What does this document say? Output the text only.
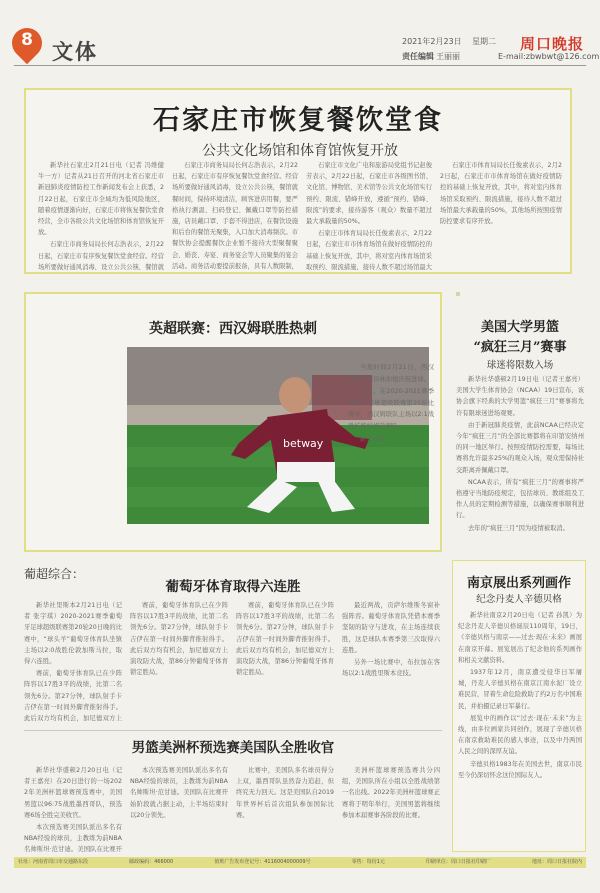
8 文体	2021年2月23日 星期二
责任编辑 王丽丽
周口晚报
E-mail:zbwbwt@126.com
石家庄市恢复餐饮堂食
公共文化场馆和体育馆恢复开放

新华社石家庄2月21日电（记者 冯维健 牛一方）记者从21日召开的河北省石家庄市新冠肺炎疫情防控工作新闻发布会上获悉，2月22日起，石家庄市全域均为低风险地区，随着疫情逐渐向好，石家庄市将恢复餐饮堂食经营，全市各级公共文化场馆和体育馆恢复开放。

石家庄市商务局局长何志浩表示，2月22日起，石家庄市有序恢复餐饮堂食经营。经营场所要做好通风消毒，设立公共公筷，餐馆就

石家庄市商务局局长何志浩表示，2月22日起，石家庄市有序恢复餐饮堂食经营。经营场所要做好通风消毒，设立公共公筷，餐馆就餐时间，保持环境清洁，顾客进店用餐，要严格执行测温、扫码登记、佩戴口罩等防控措施，店员戴口罩、手套不得进店，在餐饮设施和后台的餐馆无聚集，入口加大消毒频次。市餐饮协会提醒餐饮企业暂不接待大型聚餐聚会、婚丧、寿宴、商务宴会等人员聚集的宴会活动。商务活动要提前报备，具有人数限制，

石家庄市文化广电和旅游局党组书记赵俊芳表示，2月22日起，石家庄市各级图书馆、文化馆、博物馆、美术馆等公共文化场馆实行预约、限流、错峰开放，遵循“预约、错峰、限流”的要求，接待游客（观众）数量不超过最大承载量的50%。

石家庄市体育局局长任俊素表示，2月22日起，石家庄市市体育场馆在做好疫情防控的基础上恢复开放，其中，将对室内体育场馆采取预约、限流措施，接待人数不超过场馆最大

石家庄市体育局局长任俊素表示，2月22日起，石家庄市市体育场馆在做好疫情防控的基础上恢复开放，其中，将对室内体育场馆采取预约、限流措施，接待人数不超过场馆最大承载量的50%，其他场所按照疫情防控要求有序开放。

英超联赛：西汉姆联胜热刺
betway

当地时间2月21日，西汉姆联队球员林加德庆祝进球。

当日，在2020-2021赛季英格兰足球超级联赛第25轮比赛中，西汉姆联队主场以2:1战胜托特纳姆热刺队。

新华社发

葡超综合：
葡萄牙体育取得六连胜

新华社里斯本2月21日电（记者 张宇琪）2020-2021赛季葡萄牙足球超级联赛第20轮20日晚的比赛中，“球头羊”葡萄牙体育队坐镇主场以2:0战胜伦敦加斯马拉，取得六连胜。

赛前，葡萄牙体育队已在少阵阵容以17胜3平的战绩，比第二名领先6分。第27分钟，球队射手卡吉伊在第一时间外脚背推射得手。此后双方均有机会，加尼德双方上

赛前，葡萄牙体育队已在少阵阵容以17胜3平的战绩，比第二名领先6分。第27分钟，球队射手卡吉伊在第一时间外脚背推射得手。此后双方均有机会，加尼德双方上演攻防大战，第86分钟葡萄牙体育锁定胜局。

赛前，葡萄牙体育队已在少阵阵容以17胜3平的战绩，比第二名领先6分。第27分钟，球队射手卡吉伊在第一时间外脚背推射得手。此后双方均有机会，加尼德双方上演攻防大战，第86分钟葡萄牙体育锁定胜局。

最近两战，贡萨尔维斯冬窗补强阵容。葡萄牙体育队凭借本赛季坚韧的防守与进攻，在主场连续获胜，这是球队本赛季第三次取得六连胜。

另外一场比赛中，布拉加在客场以2:1战胜里斯本竞技。

男篮美洲杯预选赛美国队全胜收官

新华社华盛顿2月20日电（记者王嘉亮）在20日进行的一场2022年美洲杯篮球赛预选赛中，美国男篮以96:75战胜墨西哥队，预选赛6场全胜完美收官。

本次预选赛美国队派出多名有NBA经验的球员，主教练为前NBA名帅斯坦·范甘迪。美国队在比赛开

本次预选赛美国队派出多名有NBA经验的球员，主教练为前NBA名帅斯坦·范甘迪。美国队在比赛开始阶段就占据主动，上半场结束时以20分领先。

比赛中，美国队多名球员得分上双，墨西哥队虽然奋力追赶，但终究无力回天。这是美国队自2019年世界杯后首次组队参加国际比赛。

美洲杯篮球赛预选赛共分四组，美国队所在小组以全胜战绩第一名出线。2022年美洲杯篮球赛正赛将于明年举行，美国男篮将继续参加本届赛事各阶段的比赛。

美国大学男篮
“疯狂三月”赛事
球迷将限数入场

新华社华盛顿2月19日电（记者王嘉亮）美国大学生体育协会（NCAA）19日宣布，该协会旗下经典的大学男篮“疯狂三月”赛事将允许有限球迷进场观赛。

由于新冠肺炎疫情，此前NCAA已经决定今年“疯狂三月”的全部比赛都将在印第安纳州的同一地区举行。按照疫情防控需要，每场比赛将允许最多25%的观众入场，观众需保持社交距离并佩戴口罩。

NCAA表示，所有“疯狂三月”的赛事将严格遵守当地防疫规定，包括球员、教练组及工作人员的定期检测等措施，以确保赛事顺利进行。

去年的“疯狂三月”因为疫情被取消。

南京展出系列画作
纪念丹麦人辛德贝格

新华社南京2月20日电（记者 孙凯）为纪念丹麦人辛德贝格诞辰110周年，19日，《辛德贝格与南京——过去·现在·未来》画展在南京开幕。展览展出了纪念他的系列画作和相关文献资料。

1937年12月，南京遭受侵华日军屠城，丹麦人辛德贝格在南京江南水泥厂设立难民营，冒着生命危险救助了约2万名中国难民，并拍摄记录日军暴行。

展览中的画作以“过去·现在·未来”为主线，由多位画家共同创作，展现了辛德贝格在南京救助难民的感人事迹，以及中丹两国人民之间的深厚友谊。

辛德贝格1983年在美国去世，南京市民至今仍深切怀念这位国际友人。

社址：河南省周口市交通路东段	邮政编码：466000	值班广告发布登记号：4116004000009号	零售：每份1元	印刷单位：周口日报社印刷厂	地址：周口日报社院内
